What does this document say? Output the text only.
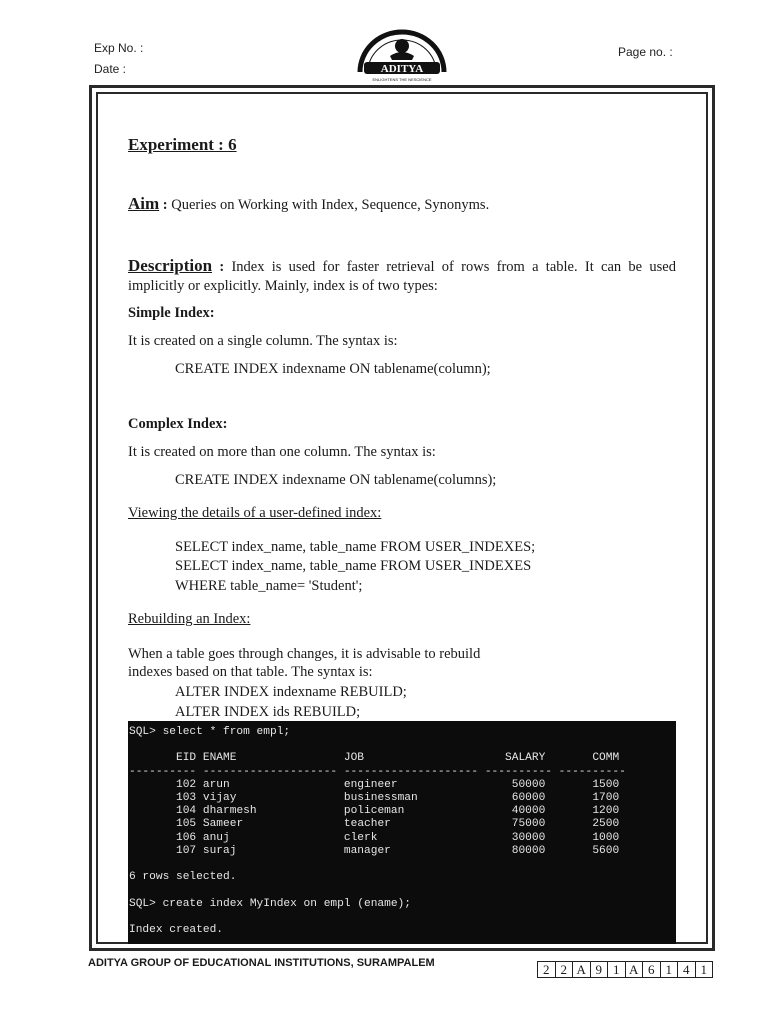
Exp No. :
Date :
Page no. :
ADITYA
ENLIGHTENS THE NESCIENCE
Experiment : 6
Aim : Queries on Working with Index, Sequence, Synonyms.
Description : Index is used for faster retrieval of rows from a table. It can be used implicitly or explicitly. Mainly, index is of two types:
Simple Index:
It is created on a single column. The syntax is:
CREATE INDEX indexname ON tablename(column);
Complex Index:
It is created on more than one column. The syntax is:
CREATE INDEX indexname ON tablename(columns);
Viewing the details of a user-defined index:
SELECT index_name, table_name FROM USER_INDEXES;
SELECT index_name, table_name FROM USER_INDEXES
WHERE table_name= 'Student';
Rebuilding an Index:
When a table goes through changes, it is advisable to rebuild
indexes based on that table. The syntax is:
ALTER INDEX indexname REBUILD;
ALTER INDEX ids REBUILD;
SQL> select * from empl;

EID ENAME	JOB	SALARY	COMM
---------- -------------------- -------------------- ---------- ----------
102 arun	engineer	50000	1500
103 vijay	businessman	60000	1700
104 dharmesh	policeman	40000	1200
105 Sameer	teacher	75000	2500
106 anuj	clerk	30000	1000
107 suraj	manager	80000	5600

6 rows selected.

SQL> create index MyIndex on empl (ename);

Index created.
ADITYA GROUP OF EDUCATIONAL INSTITUTIONS, SURAMPALEM	2 2 A 9 1 A 6 1 4 1
